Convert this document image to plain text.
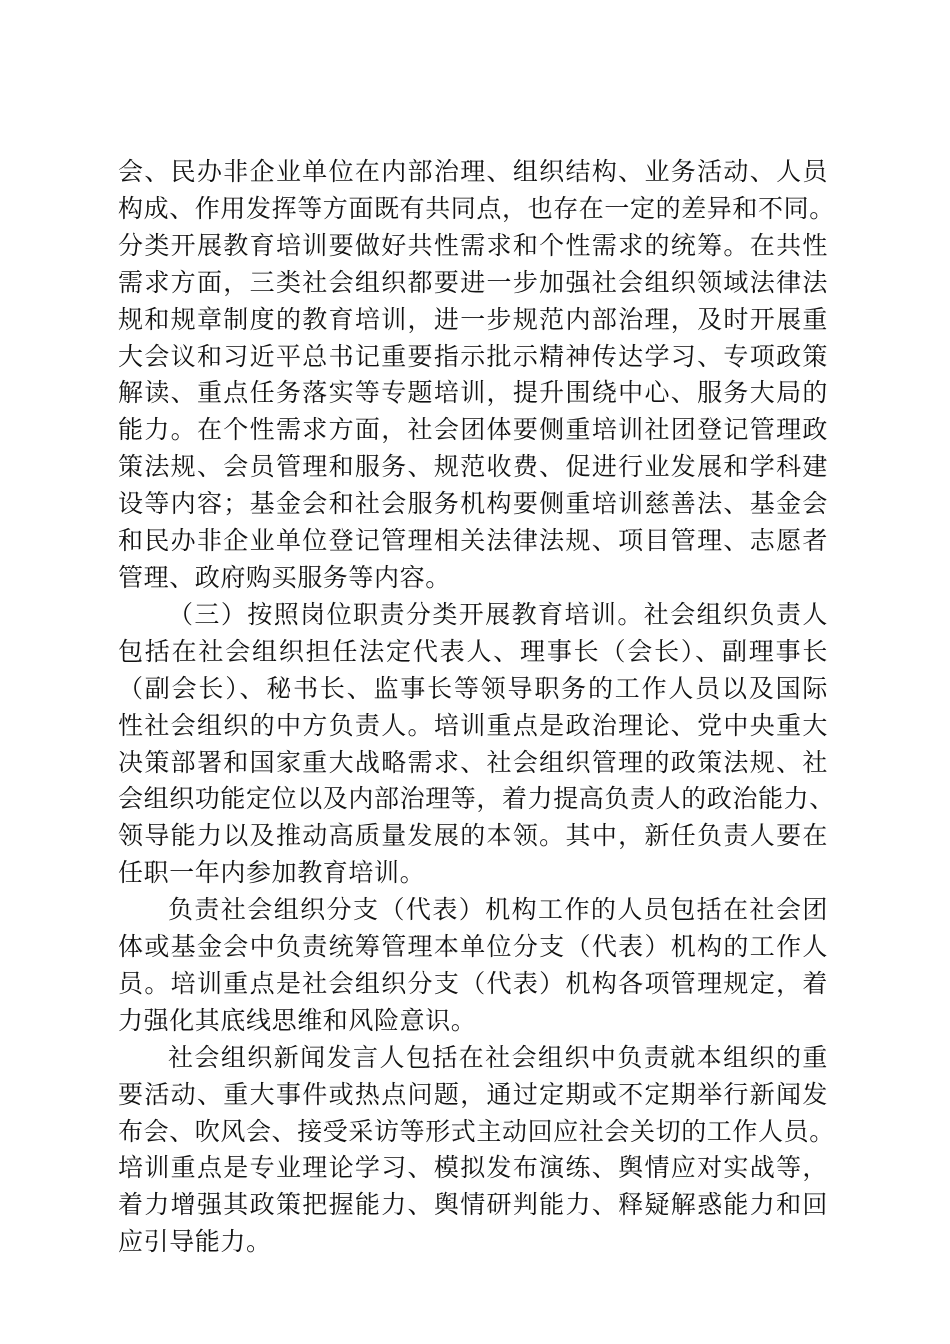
会、民办非企业单位在内部治理、组织结构、业务活动、人员
构成、作用发挥等方面既有共同点，也存在一定的差异和不同。
分类开展教育培训要做好共性需求和个性需求的统筹。在共性
需求方面，三类社会组织都要进一步加强社会组织领域法律法
规和规章制度的教育培训，进一步规范内部治理，及时开展重
大会议和习近平总书记重要指示批示精神传达学习、专项政策
解读、重点任务落实等专题培训，提升围绕中心、服务大局的
能力。在个性需求方面，社会团体要侧重培训社团登记管理政
策法规、会员管理和服务、规范收费、促进行业发展和学科建
设等内容；基金会和社会服务机构要侧重培训慈善法、基金会
和民办非企业单位登记管理相关法律法规、项目管理、志愿者
管理、政府购买服务等内容。

（三）按照岗位职责分类开展教育培训。社会组织负责人
包括在社会组织担任法定代表人、理事长（会长）、副理事长
（副会长）、秘书长、监事长等领导职务的工作人员以及国际
性社会组织的中方负责人。培训重点是政治理论、党中央重大
决策部署和国家重大战略需求、社会组织管理的政策法规、社
会组织功能定位以及内部治理等，着力提高负责人的政治能力、
领导能力以及推动高质量发展的本领。其中，新任负责人要在
任职一年内参加教育培训。

负责社会组织分支（代表）机构工作的人员包括在社会团
体或基金会中负责统筹管理本单位分支（代表）机构的工作人
员。培训重点是社会组织分支（代表）机构各项管理规定，着
力强化其底线思维和风险意识。

社会组织新闻发言人包括在社会组织中负责就本组织的重
要活动、重大事件或热点问题，通过定期或不定期举行新闻发
布会、吹风会、接受采访等形式主动回应社会关切的工作人员。
培训重点是专业理论学习、模拟发布演练、舆情应对实战等，
着力增强其政策把握能力、舆情研判能力、释疑解惑能力和回
应引导能力。
